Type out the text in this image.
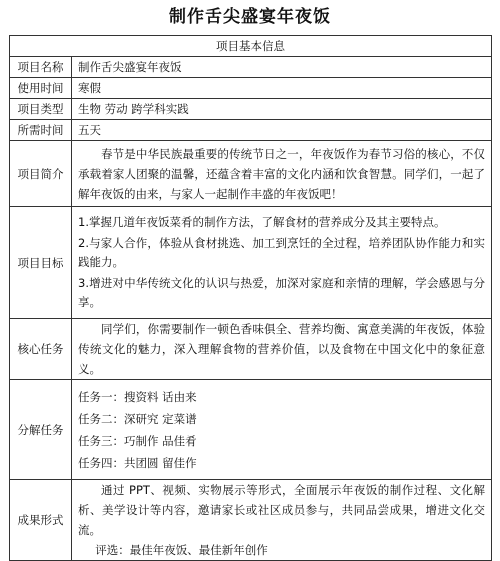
制作舌尖盛宴年夜饭
项目基本信息	
项目名称	制作舌尖盛宴年夜饭
使用时间	寒假
项目类型	生物 劳动 跨学科实践
所需时间	五天
项目简介	春节是中华民族最重要的传统节日之一，年夜饭作为春节习俗的核心，不仅承载着家人团聚的温馨，还蕴含着丰富的文化内涵和饮食智慧。同学们，一起了解年夜饭的由来，与家人一起制作丰盛的年夜饭吧！

项目目标	1.掌握几道年夜饭菜肴的制作方法，了解食材的营养成分及其主要特点。

2.与家人合作，体验从食材挑选、加工到烹饪的全过程，培养团队协作能力和实践能力。

3.增进对中华传统文化的认识与热爱，加深对家庭和亲情的理解，学会感恩与分享。

核心任务	同学们，你需要制作一顿色香味俱全、营养均衡、寓意美满的年夜饭，体验传统文化的魅力，深入理解食物的营养价值，以及食物在中国文化中的象征意义。

分解任务	任务一：搜资料 话由来

任务二：深研究 定菜谱

任务三：巧制作 品佳肴

任务四：共团圆 留佳作

成果形式	通过 PPT、视频、实物展示等形式，全面展示年夜饭的制作过程、文化解析、美学设计等内容，邀请家长或社区成员参与，共同品尝成果，增进文化交流。

评选：最佳年夜饭、最佳新年创作
